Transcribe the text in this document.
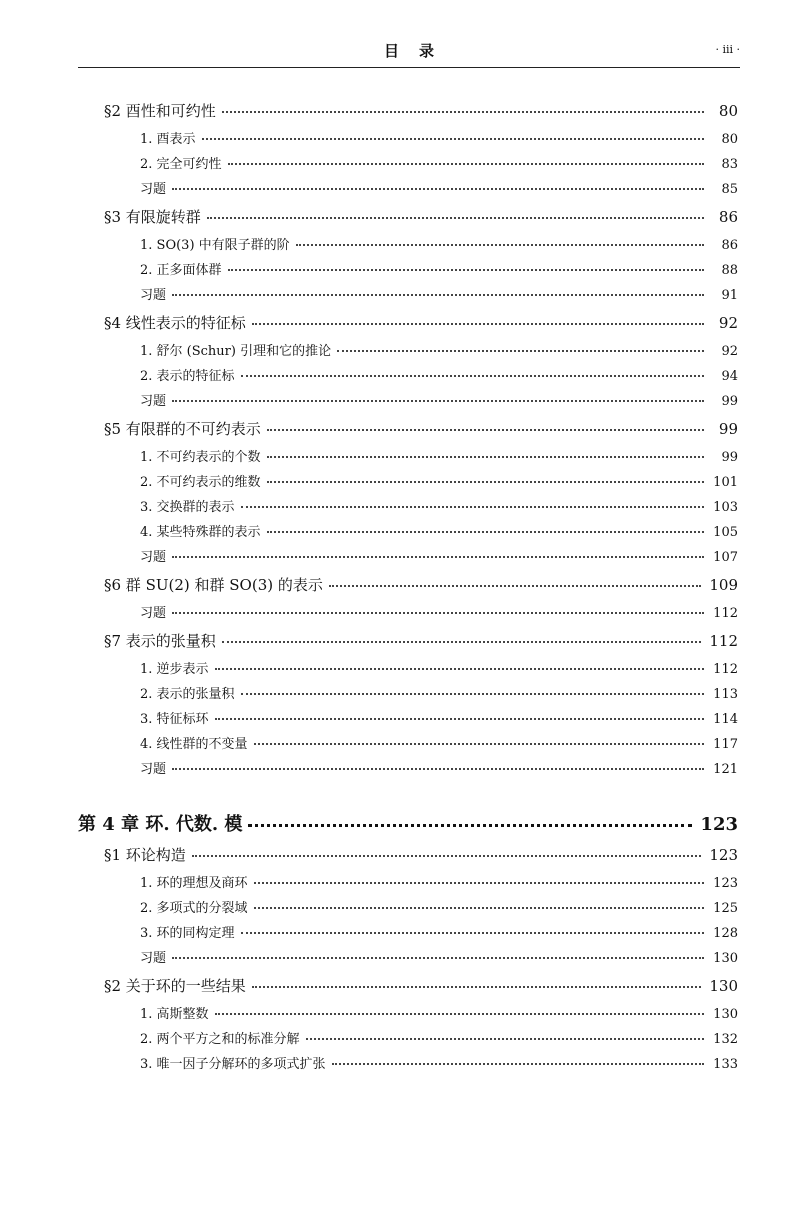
目录	· iii ·
§2 酉性和可约性	80
1. 酉表示	80
2. 完全可约性	83
习题	85
§3 有限旋转群	86
1. SO(3) 中有限子群的阶	86
2. 正多面体群	88
习题	91
§4 线性表示的特征标	92
1. 舒尔 (Schur) 引理和它的推论	92
2. 表示的特征标	94
习题	99
§5 有限群的不可约表示	99
1. 不可约表示的个数	99
2. 不可约表示的维数	101
3. 交换群的表示	103
4. 某些特殊群的表示	105
习题	107
§6 群 SU(2) 和群 SO(3) 的表示	109
习题	112
§7 表示的张量积	112
1. 逆步表示	112
2. 表示的张量积	113
3. 特征标环	114
4. 线性群的不变量	117
习题	121
第 4 章 环. 代数. 模	123
§1 环论构造	123
1. 环的理想及商环	123
2. 多项式的分裂域	125
3. 环的同构定理	128
习题	130
§2 关于环的一些结果	130
1. 高斯整数	130
2. 两个平方之和的标准分解	132
3. 唯一因子分解环的多项式扩张	133
